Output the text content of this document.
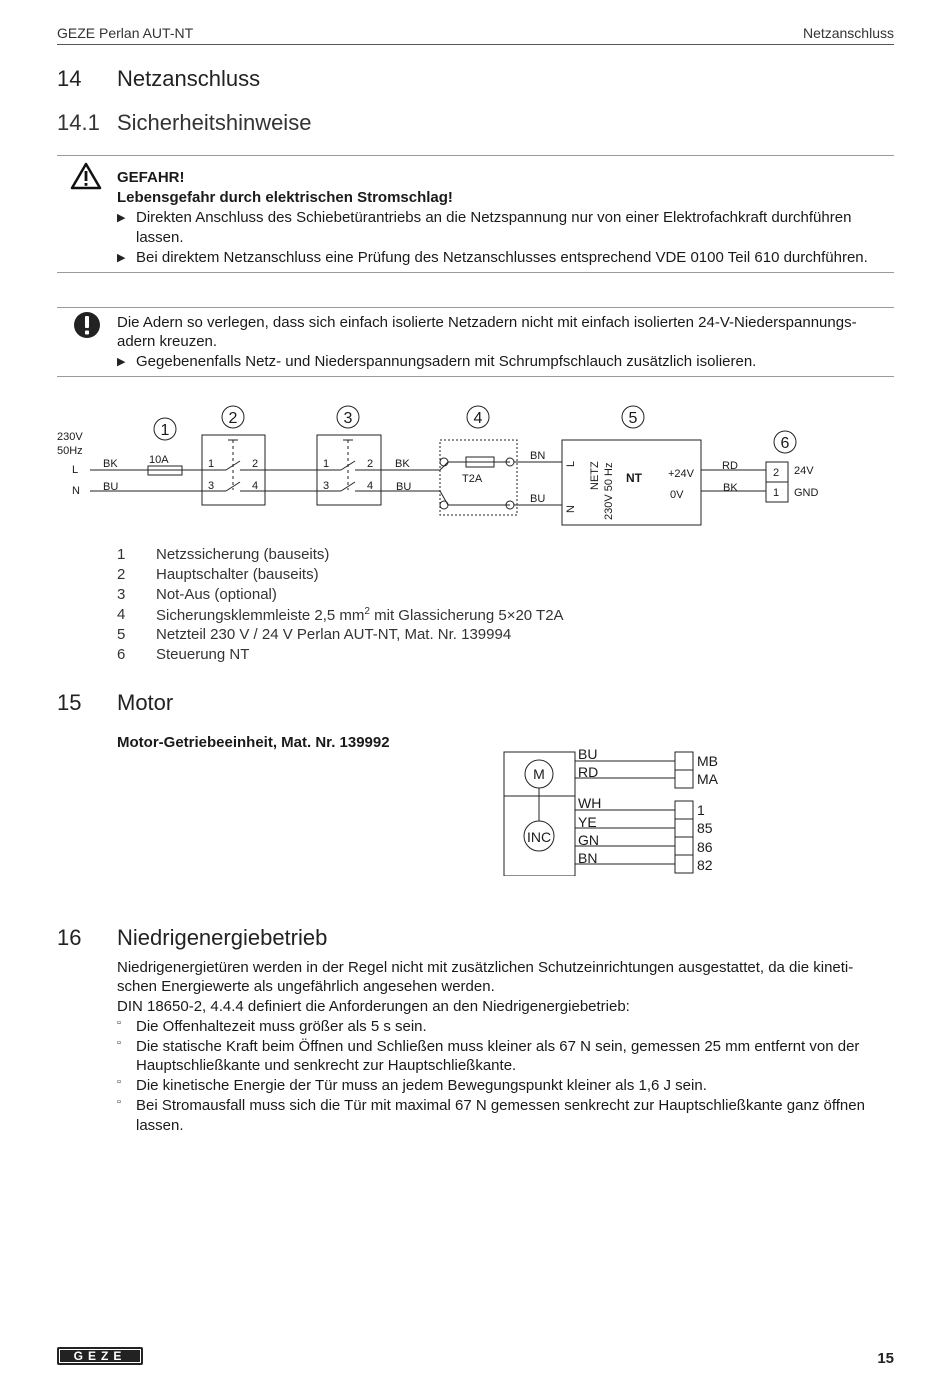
GEZE Perlan AUT-NT	Netzanschluss
14 Netzanschluss
14.1 Sicherheitshinweise
GEFAHR!
Lebensgefahr durch elektrischen Stromschlag!
▶ Direkten Anschluss des Schiebetürantriebs an die Netzspannung nur von einer Elektrofachkraft durchführen
lassen.
▶ Bei direktem Netzanschluss eine Prüfung des Netzanschlusses entsprechend VDE 0100 Teil 610 durchführen.
Die Adern so verlegen, dass sich einfach isolierte Netzadern nicht mit einfach isolierten 24-V-Niederspannungs-
adern kreuzen.
▶ Gegebenenfalls Netz- und Niederspannungsadern mit Schrumpfschlauch zusätzlich isolieren.
230V
50Hz
L
N
BK
BU
10A	1	2
3	4
1	2
3	4
BK
BU
T2A
BN
BU
L
N
NETZ 230V 50 Hz NT +24V
0V
RD
BK
2
1
24V
GND
1
2	3	4	5
6
1 Netzssicherung (bauseits)
2 Hauptschalter (bauseits)
3 Not-Aus (optional)
4 Sicherungsklemmleiste 2,5 $mm^2$ mit Glassicherung 5×20 T2A
5 Netzteil 230 V / 24 V Perlan AUT-NT, Mat. Nr. 139994
6 Steuerung NT
15 Motor
Motor-Getriebeeinheit, Mat. Nr. 139992
M
INC
BU
RD
WH
YE
GN
BN
MB
MA
1
85
86
82
16 Niedrigenergiebetrieb
Niedrigenergietüren werden in der Regel nicht mit zusätzlichen Schutzeinrichtungen ausgestattet, da die kineti-
schen Energiewerte als ungefährlich angesehen werden.
DIN 18650-2, 4.4.4 definiert die Anforderungen an den Niedrigenergiebetrieb:
▫ Die Offenhaltezeit muss größer als 5 s sein.
▫ Die statische Kraft beim Öffnen und Schließen muss kleiner als 67 N sein, gemessen 25 mm entfernt von der
Hauptschließkante und senkrecht zur Hauptschließkante.
▫ Die kinetische Energie der Tür muss an jedem Bewegungspunkt kleiner als 1,6 J sein.
▫ Bei Stromausfall muss sich die Tür mit maximal 67 N gemessen senkrecht zur Hauptschließkante ganz öffnen
lassen.
GEZE	15
